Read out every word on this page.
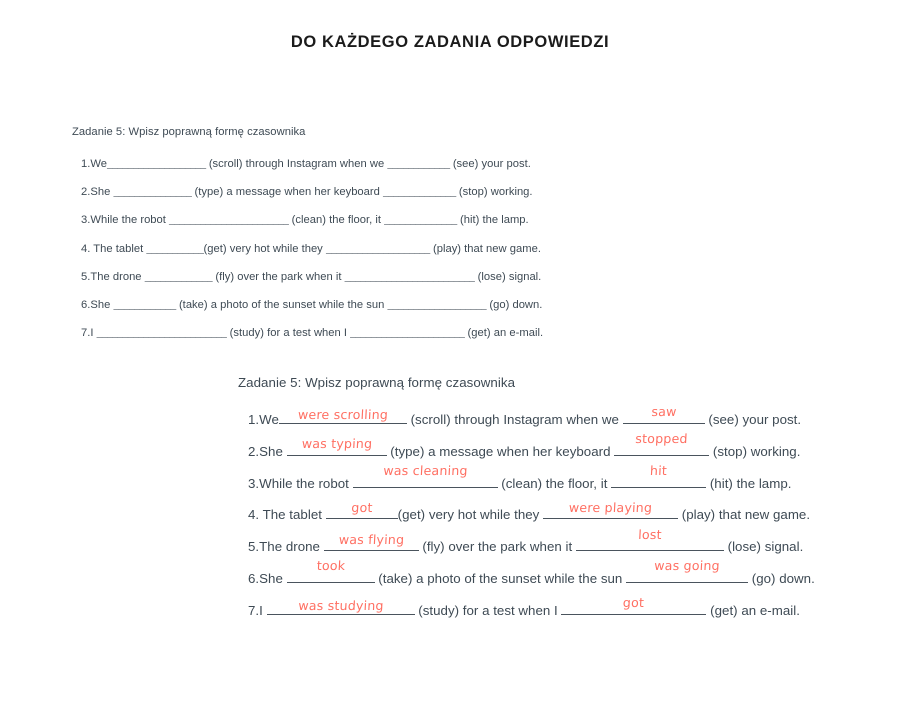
DO KAŻDEGO ZADANIA ODPOWIEDZI
Zadanie 5: Wpisz poprawną formę czasownika
1.We___________________ (scroll) through Instagram when we ____________ (see) your post.
2.She _______________ (type) a message when her keyboard ______________ (stop) working.
3.While the robot _______________________ (clean) the floor, it ______________ (hit) the lamp.
4. The tablet ___________(get) very hot while they ____________________ (play) that new game.
5.The drone _____________ (fly) over the park when it _________________________ (lose) signal.
6.She ____________ (take) a photo of the sunset while the sun ___________________ (go) down.
7.I _________________________ (study) for a test when I ______________________ (get) an e-mail.
Zadanie 5: Wpisz poprawną formę czasownika
1.We	were scrolling	(scroll) through Instagram when we
saw
(see) your post.
2.She
was typing
(type) a message when her keyboard
stopped
(stop) working.
3.While the robot
was cleaning
(clean) the floor, it
hit
(hit) the lamp.
4. The tablet
got
(get) very hot while they
were playing
(play) that new game.
5.The drone
was flying
(fly) over the park when it
lost
(lose) signal.
6.She
took
(take) a photo of the sunset while the sun
was going
(go) down.
7.I	was studying	(study) for a test when I
got
(get) an e-mail.
